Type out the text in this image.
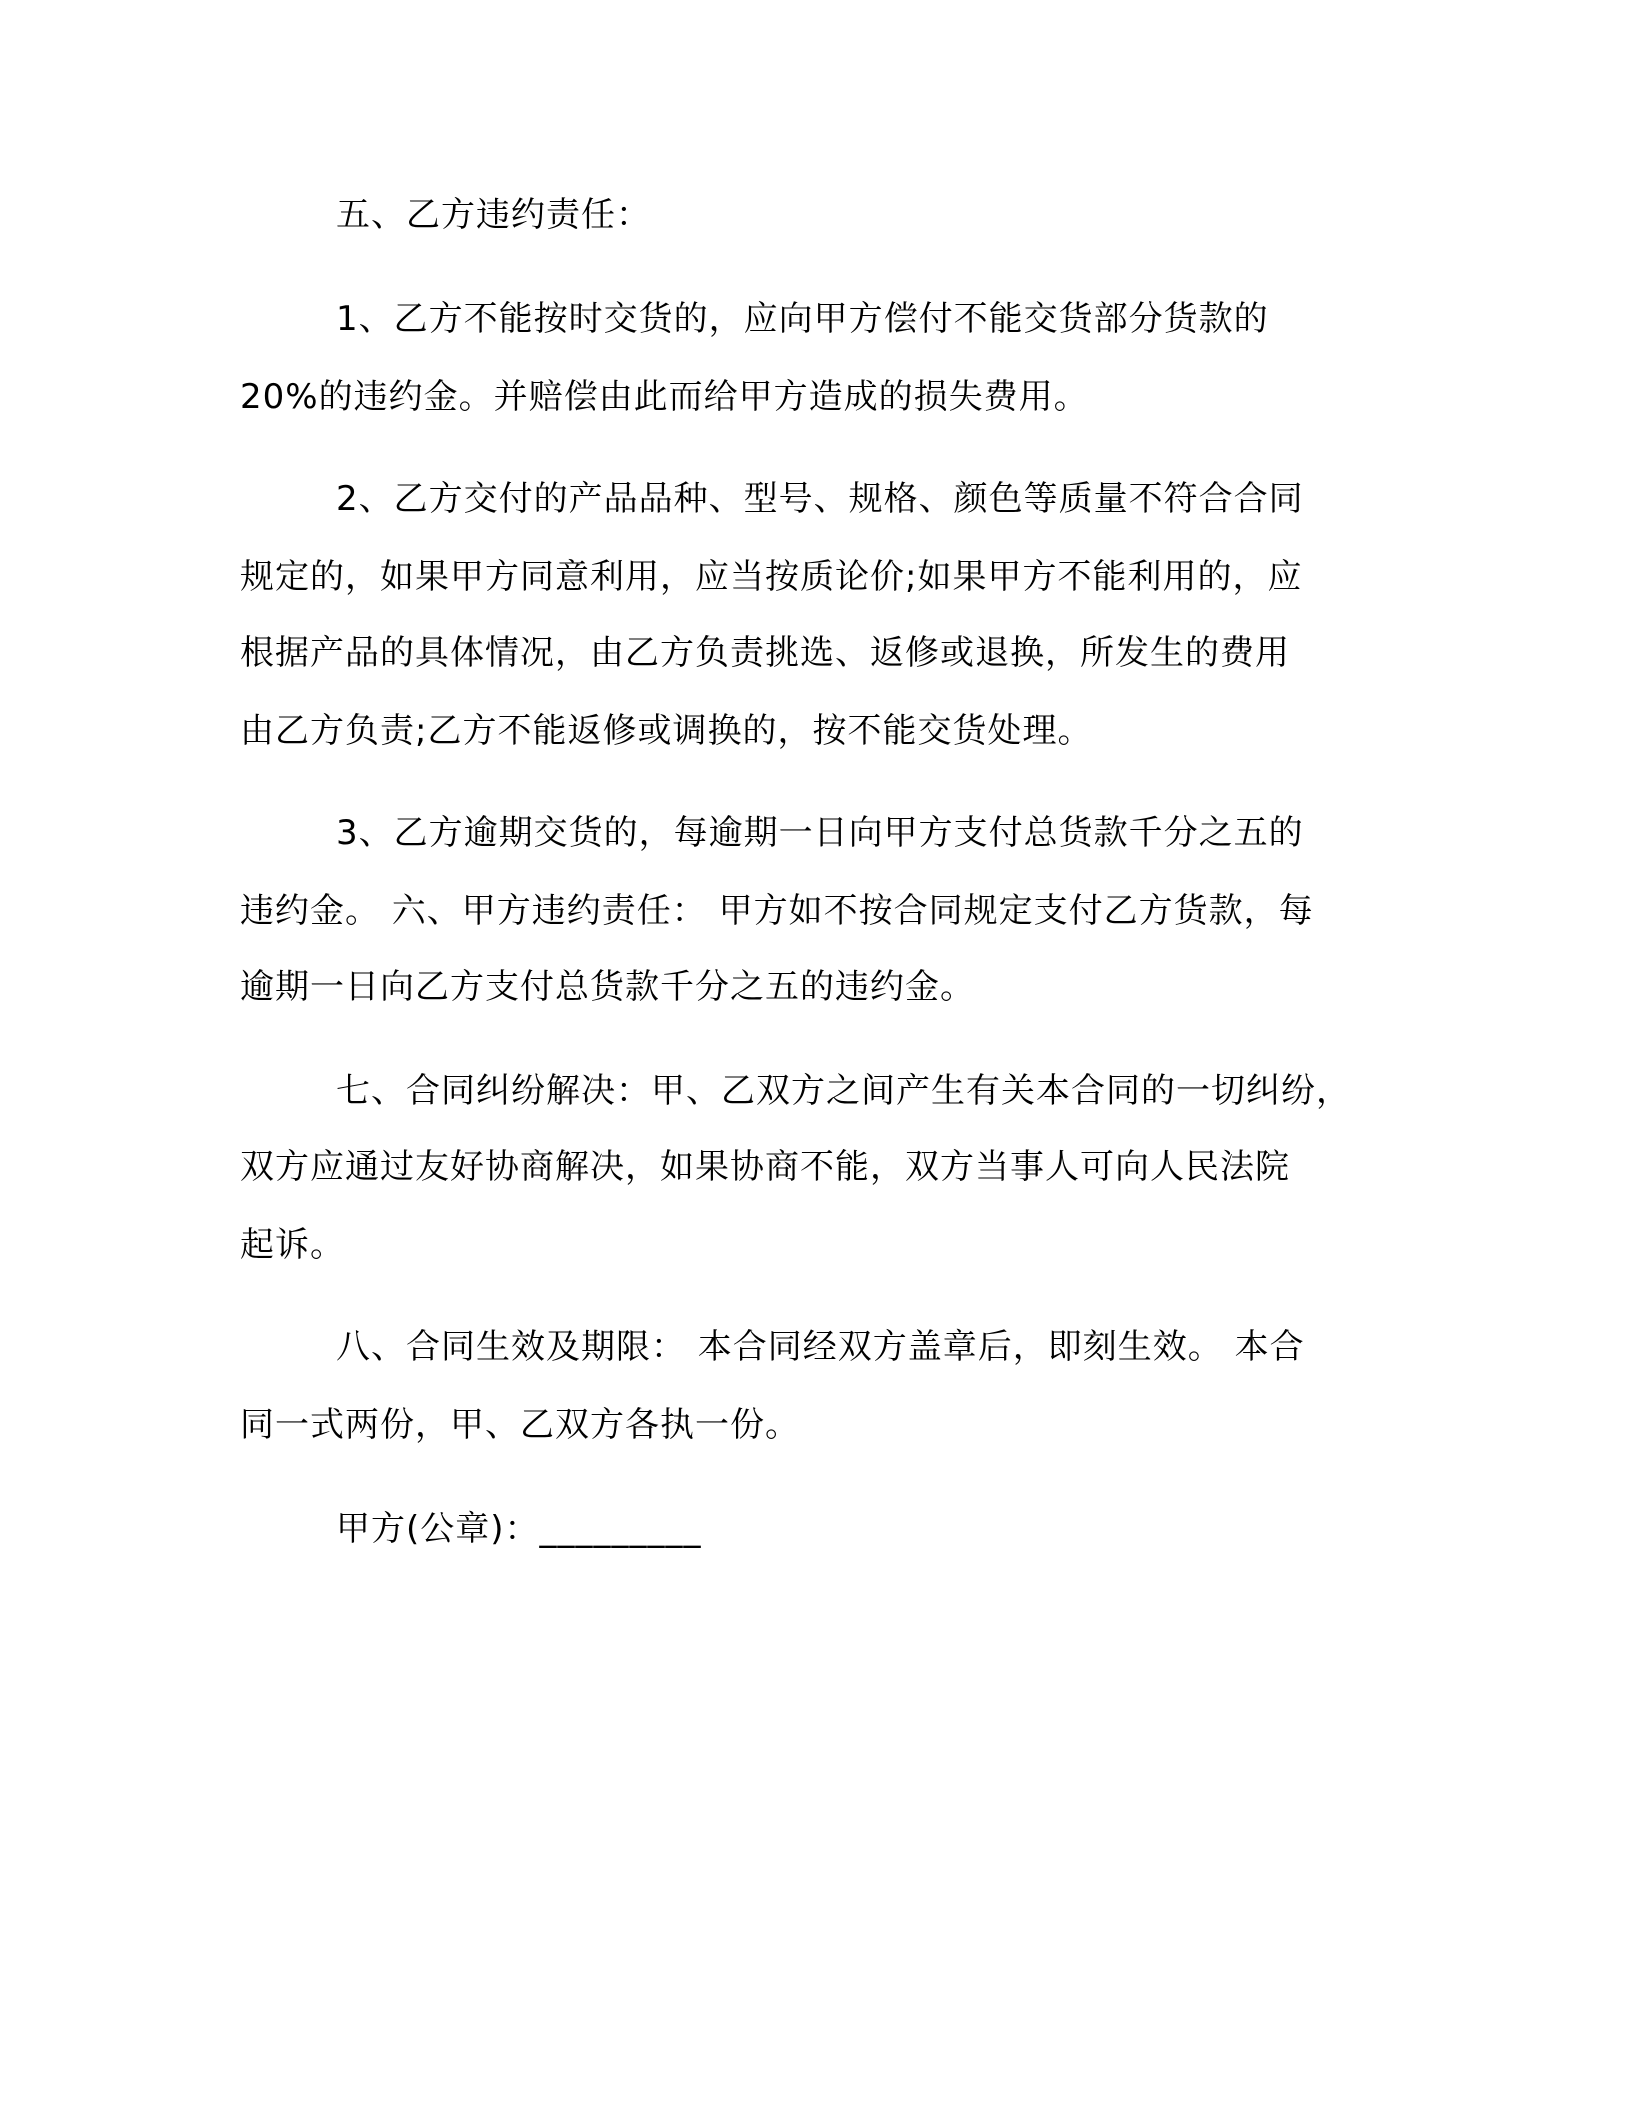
五、乙方违约责任：
1、乙方不能按时交货的，应向甲方偿付不能交货部分货款的
20%的违约金。并赔偿由此而给甲方造成的损失费用。
2、乙方交付的产品品种、型号、规格、颜色等质量不符合合同
规定的，如果甲方同意利用，应当按质论价;如果甲方不能利用的，应
根据产品的具体情况，由乙方负责挑选、返修或退换，所发生的费用
由乙方负责;乙方不能返修或调换的，按不能交货处理。
3、乙方逾期交货的，每逾期一日向甲方支付总货款千分之五的
违约金。 六、甲方违约责任： 甲方如不按合同规定支付乙方货款，每
逾期一日向乙方支付总货款千分之五的违约金。
七、合同纠纷解决：甲、乙双方之间产生有关本合同的一切纠纷，
双方应通过友好协商解决，如果协商不能，双方当事人可向人民法院
起诉。
八、合同生效及期限： 本合同经双方盖章后，即刻生效。 本合
同一式两份，甲、乙双方各执一份。
甲方(公章)：_________
